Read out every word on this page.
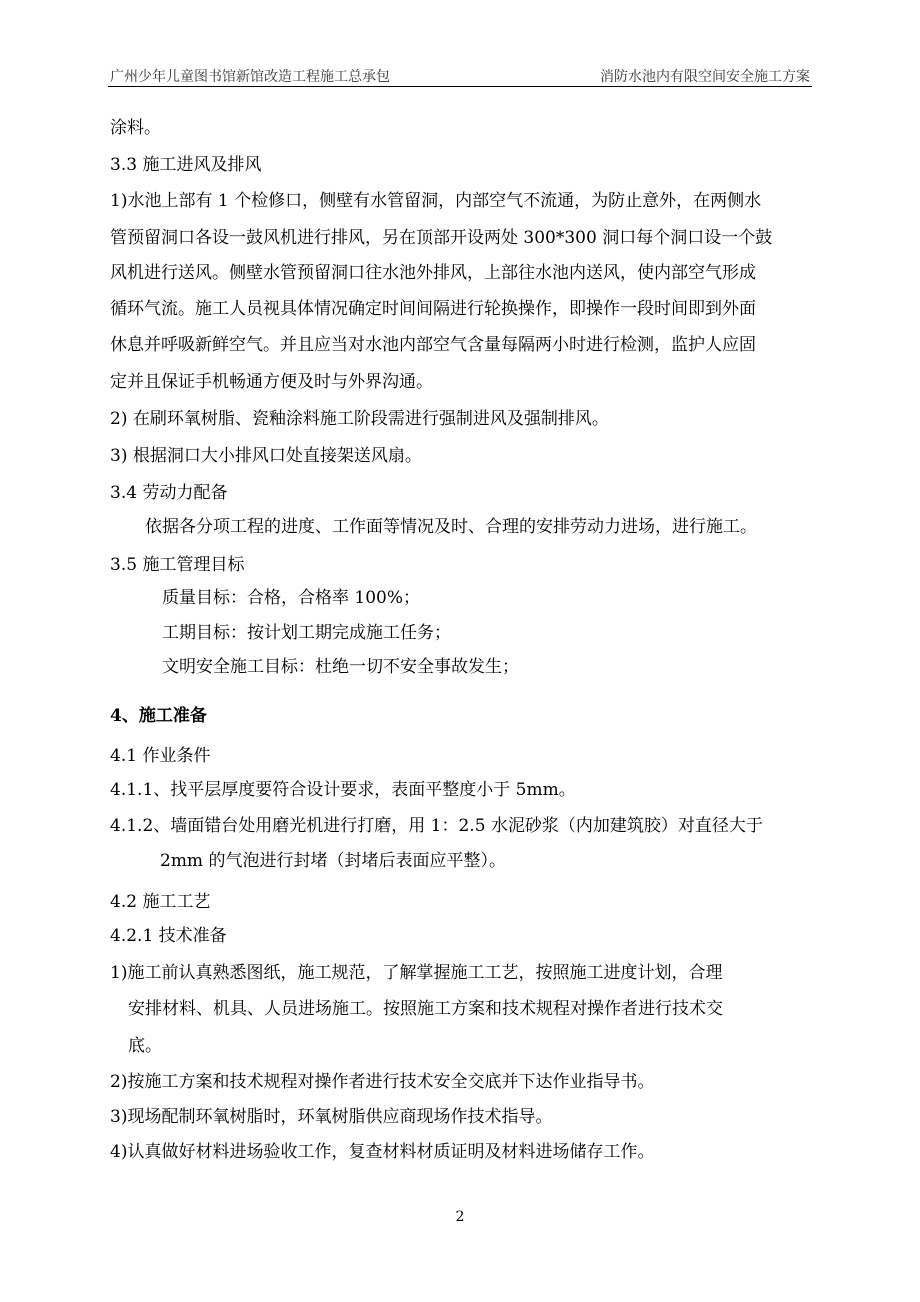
广州少年儿童图书馆新馆改造工程施工总承包	消防水池内有限空间安全施工方案
涂料。
3.3 施工进风及排风
1)水池上部有 1 个检修口，侧壁有水管留洞，内部空气不流通，为防止意外，在两侧水
管预留洞口各设一鼓风机进行排风，另在顶部开设两处 300*300 洞口每个洞口设一个鼓
风机进行送风。侧壁水管预留洞口往水池外排风，上部往水池内送风，使内部空气形成
循环气流。施工人员视具体情况确定时间间隔进行轮换操作，即操作一段时间即到外面
休息并呼吸新鲜空气。并且应当对水池内部空气含量每隔两小时进行检测，监护人应固
定并且保证手机畅通方便及时与外界沟通。
2) 在刷环氧树脂、瓷釉涂料施工阶段需进行强制进风及强制排风。
3) 根据洞口大小排风口处直接架送风扇。
3.4 劳动力配备
依据各分项工程的进度、工作面等情况及时、合理的安排劳动力进场，进行施工。
3.5 施工管理目标
质量目标：合格，合格率 100%；
工期目标：按计划工期完成施工任务；
文明安全施工目标：杜绝一切不安全事故发生；
4、施工准备
4.1 作业条件
4.1.1、找平层厚度要符合设计要求，表面平整度小于 5mm。
4.1.2、墙面错台处用磨光机进行打磨，用 1：2.5 水泥砂浆（内加建筑胶）对直径大于
2mm 的气泡进行封堵（封堵后表面应平整）。
4.2 施工工艺
4.2.1 技术准备
1)施工前认真熟悉图纸，施工规范，了解掌握施工工艺，按照施工进度计划，合理
安排材料、机具、人员进场施工。按照施工方案和技术规程对操作者进行技术交
底。
2)按施工方案和技术规程对操作者进行技术安全交底并下达作业指导书。
3)现场配制环氧树脂时，环氧树脂供应商现场作技术指导。
4)认真做好材料进场验收工作，复查材料材质证明及材料进场储存工作。
2
